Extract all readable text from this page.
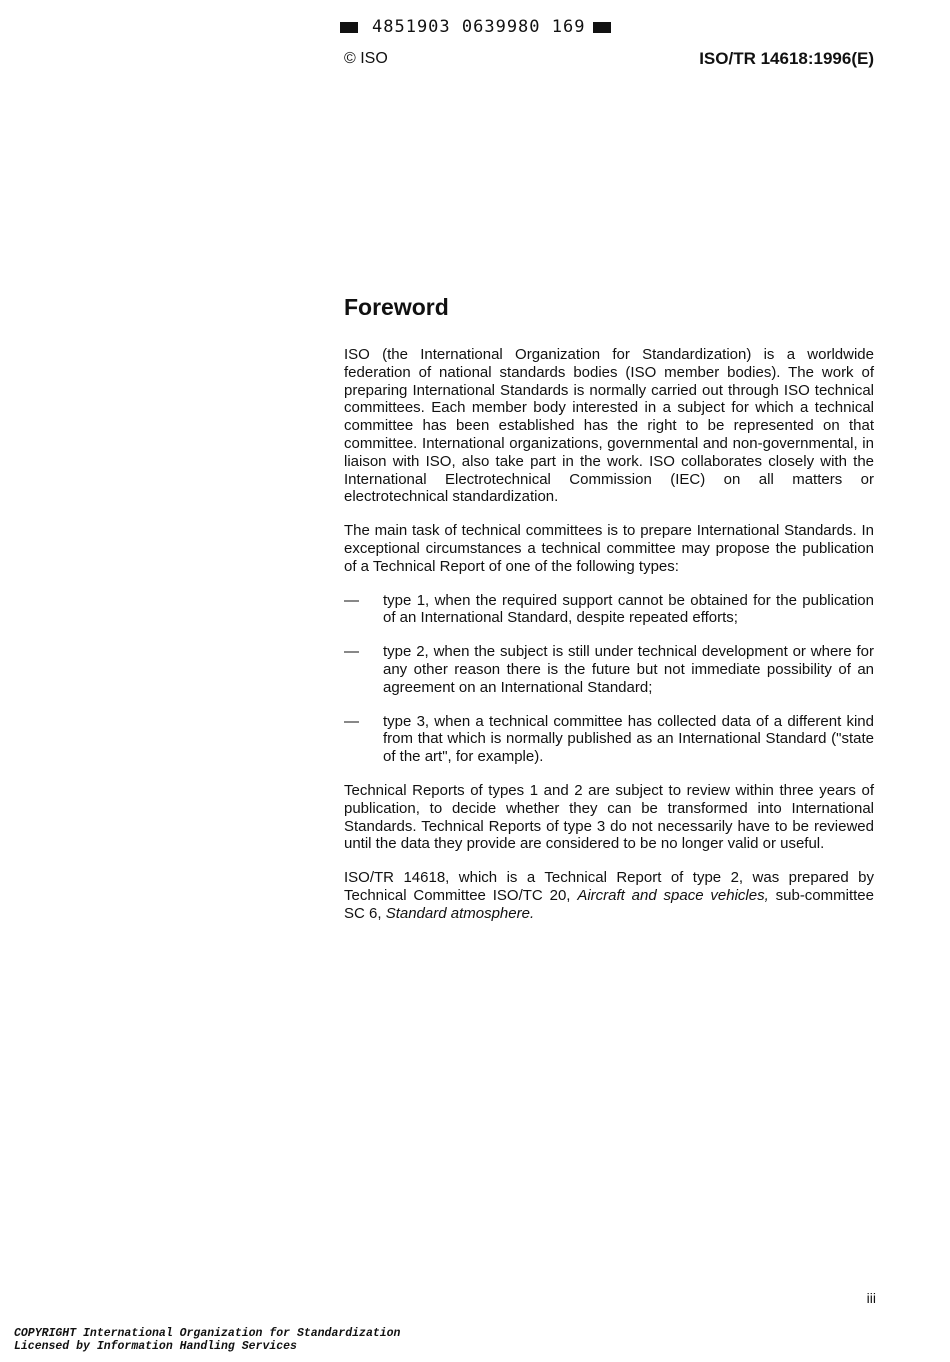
4851903 0639980 169
© ISO	ISO/TR 14618:1996(E)
Foreword

ISO (the International Organization for Standardization) is a worldwide federation of national standards bodies (ISO member bodies). The work of preparing International Standards is normally carried out through ISO technical committees. Each member body interested in a subject for which a technical committee has been established has the right to be represented on that committee. International organizations, governmental and non-governmental, in liaison with ISO, also take part in the work. ISO collaborates closely with the International Electrotechnical Commission (IEC) on all matters or electrotechnical standardization.

The main task of technical committees is to prepare International Standards. In exceptional circumstances a technical committee may propose the publication of a Technical Report of one of the following types:

—	type 1, when the required support cannot be obtained for the publication of an International Standard, despite repeated efforts;
—	type 2, when the subject is still under technical development or where for any other reason there is the future but not immediate possibility of an agreement on an International Standard;
—	type 3, when a technical committee has collected data of a different kind from that which is normally published as an International Standard ("state of the art", for example).

Technical Reports of types 1 and 2 are subject to review within three years of publication, to decide whether they can be transformed into International Standards. Technical Reports of type 3 do not necessarily have to be reviewed until the data they provide are considered to be no longer valid or useful.

ISO/TR 14618, which is a Technical Report of type 2, was prepared by Technical Committee ISO/TC 20, Aircraft and space vehicles, sub-committee SC 6, Standard atmosphere.

iii
COPYRIGHT International Organization for Standardization
Licensed by Information Handling Services
